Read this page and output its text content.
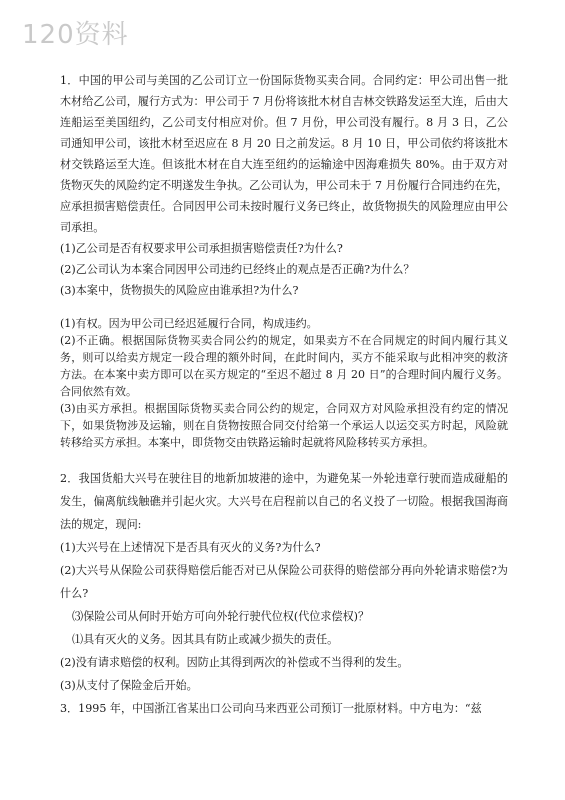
120资料

1．中国的甲公司与美国的乙公司订立一份国际货物买卖合同。合同约定：甲公司出售一批木材给乙公司，履行方式为：甲公司于 7 月份将该批木材自吉林交铁路发运至大连，后由大连船运至美国纽约，乙公司支付相应对价。但 7 月份，甲公司没有履行。8 月 3 日，乙公司通知甲公司，该批木材至迟应在 8 月 20 日之前发运。8 月 10 日，甲公司依约将该批木材交铁路运至大连。但该批木材在自大连至纽约的运输途中因海难损失 80%。由于双方对货物灭失的风险约定不明遂发生争执。乙公司认为，甲公司未于 7 月份履行合同违约在先，应承担损害赔偿责任。合同因甲公司未按时履行义务已终止，故货物损失的风险理应由甲公司承担。

(1)乙公司是否有权要求甲公司承担损害赔偿责任?为什么?

(2)乙公司认为本案合同因甲公司违约已经终止的观点是否正确?为什么？

(3)本案中，货物损失的风险应由谁承担?为什么?

(1)有权。因为甲公司已经迟延履行合同，构成违约。

(2)不正确。根据国际货物买卖合同公约的规定，如果卖方不在合同规定的时间内履行其义务，则可以给卖方规定一段合理的额外时间，在此时间内，买方不能采取与此相冲突的救济方法。在本案中卖方即可以在买方规定的“至迟不超过 8 月 20 日”的合理时间内履行义务。合同依然有效。

(3)由买方承担。根据国际货物买卖合同公约的规定，合同双方对风险承担没有约定的情况下，如果货物涉及运输，则在自货物按照合同交付给第一个承运人以运交买方时起，风险就转移给买方承担。本案中，即货物交由铁路运输时起就将风险移转买方承担。

2．我国货船大兴号在驶往目的地新加坡港的途中，为避免某一外轮违章行驶而造成碰船的发生，偏离航线触礁并引起火灾。大兴号在启程前以自己的名义投了一切险。根据我国海商法的规定，现问:

(1)大兴号在上述情况下是否具有灭火的义务?为什么?

(2)大兴号从保险公司获得赔偿后能否对已从保险公司获得的赔偿部分再向外轮请求赔偿?为什么?

⑶保险公司从何时开始方可向外轮行驶代位权(代位求偿权)？

⑴具有灭火的义务。因其具有防止或减少损失的责任。

(2)没有请求赔偿的权利。因防止其得到两次的补偿或不当得利的发生。

(3)从支付了保险金后开始。

3．1995 年，中国浙江省某出口公司向马来西亚公司预订一批原材料。中方电为：“兹
